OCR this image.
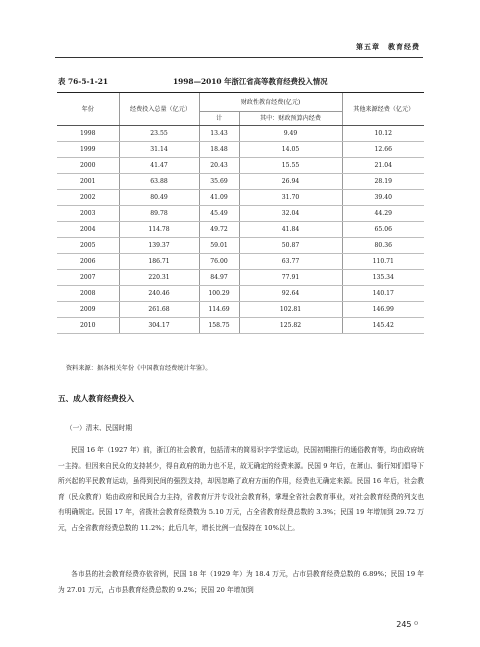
第五章　教育经费
表 76-5-1-21	1998—2010 年浙江省高等教育经费投入情况
年份	经费投入总量（亿元）	财政性教育经费(亿元)		其他来源经费（亿元）
		计	其中：财政预算内经费	
1998	23.55	13.43	9.49	10.12
1999	31.14	18.48	14.05	12.66
2000	41.47	20.43	15.55	21.04
2001	63.88	35.69	26.94	28.19
2002	80.49	41.09	31.70	39.40
2003	89.78	45.49	32.04	44.29
2004	114.78	49.72	41.84	65.06
2005	139.37	59.01	50.87	80.36
2006	186.71	76.00	63.77	110.71
2007	220.31	84.97	77.91	135.34
2008	240.46	100.29	92.64	140.17
2009	261.68	114.69	102.81	146.99
2010	304.17	158.75	125.82	145.42
资料来源：据各相关年份《中国教育经费统计年鉴》。
五、成人教育经费投入
（一）清末、民国时期
民国 16 年（1927 年）前，浙江的社会教育，包括清末的简易识字学堂运动，民国初期推行的通俗教育等，均由政府统一主持。但因来自民众的支持甚少，得自政府的助力也不足，故无确定的经费来源。民国 9 年后，在萧山、衙行知们倡导下所兴起的平民教育运动，虽得到民间的强烈支持，却因忽略了政府方面的作用，经费也无确定来源。民国 16 年后，社会教育（民众教育）始由政府和民间合力主持，省教育厅并专设社会教育科，掌理全省社会教育事业，对社会教育经费的列支也有明确规定。民国 17 年，省拨社会教育经费数为 5.10 万元，占全省教育经费总数的 3.3%；民国 19 年增加到 29.72 万元，占全省教育经费总数的 11.2%；此后几年，增长比例一直保持在 10%以上。
各市县的社会教育经费亦依省例，民国 18 年（1929 年）为 18.4 万元，占市县教育经费总数的 6.89%；民国 19 年为 27.01 万元，占市县教育经费总数的 9.2%；民国 20 年增加到
245 ⁽⁾
